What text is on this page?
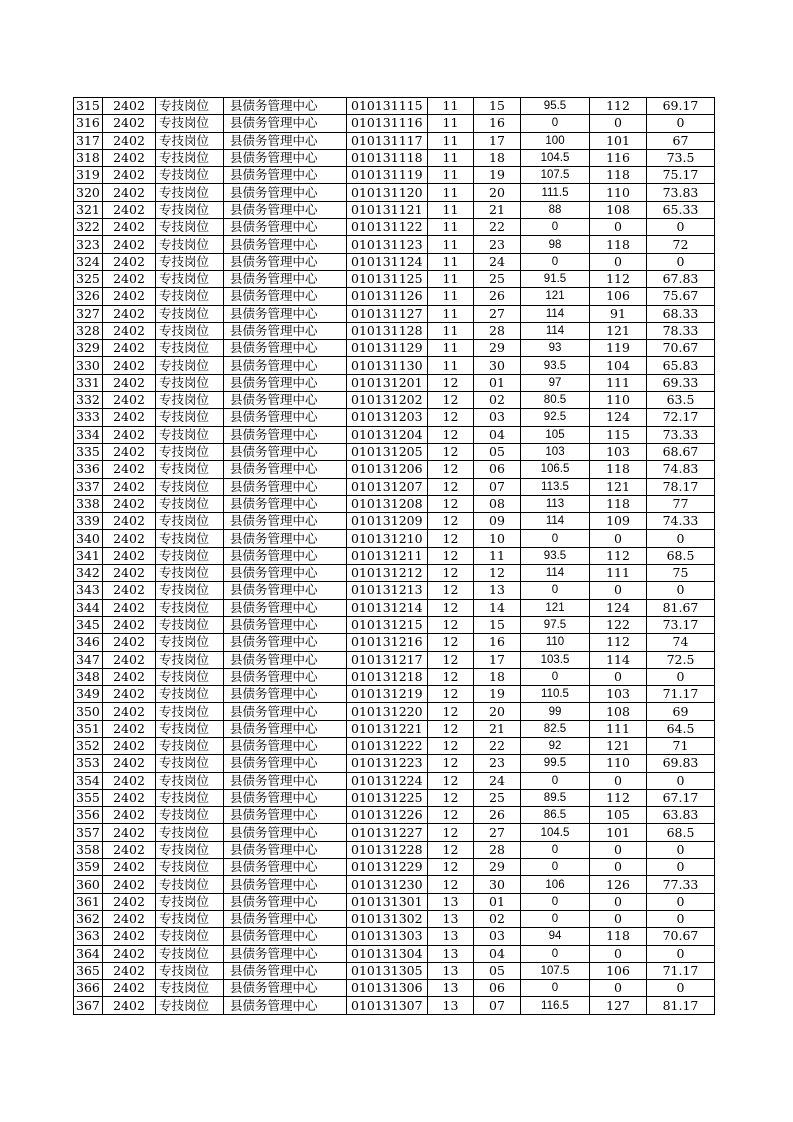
315	2402	专技岗位	县债务管理中心	010131115	11	15	95.5	112	69.17
316	2402	专技岗位	县债务管理中心	010131116	11	16	0	0	0
317	2402	专技岗位	县债务管理中心	010131117	11	17	100	101	67
318	2402	专技岗位	县债务管理中心	010131118	11	18	104.5	116	73.5
319	2402	专技岗位	县债务管理中心	010131119	11	19	107.5	118	75.17
320	2402	专技岗位	县债务管理中心	010131120	11	20	111.5	110	73.83
321	2402	专技岗位	县债务管理中心	010131121	11	21	88	108	65.33
322	2402	专技岗位	县债务管理中心	010131122	11	22	0	0	0
323	2402	专技岗位	县债务管理中心	010131123	11	23	98	118	72
324	2402	专技岗位	县债务管理中心	010131124	11	24	0	0	0
325	2402	专技岗位	县债务管理中心	010131125	11	25	91.5	112	67.83
326	2402	专技岗位	县债务管理中心	010131126	11	26	121	106	75.67
327	2402	专技岗位	县债务管理中心	010131127	11	27	114	91	68.33
328	2402	专技岗位	县债务管理中心	010131128	11	28	114	121	78.33
329	2402	专技岗位	县债务管理中心	010131129	11	29	93	119	70.67
330	2402	专技岗位	县债务管理中心	010131130	11	30	93.5	104	65.83
331	2402	专技岗位	县债务管理中心	010131201	12	01	97	111	69.33
332	2402	专技岗位	县债务管理中心	010131202	12	02	80.5	110	63.5
333	2402	专技岗位	县债务管理中心	010131203	12	03	92.5	124	72.17
334	2402	专技岗位	县债务管理中心	010131204	12	04	105	115	73.33
335	2402	专技岗位	县债务管理中心	010131205	12	05	103	103	68.67
336	2402	专技岗位	县债务管理中心	010131206	12	06	106.5	118	74.83
337	2402	专技岗位	县债务管理中心	010131207	12	07	113.5	121	78.17
338	2402	专技岗位	县债务管理中心	010131208	12	08	113	118	77
339	2402	专技岗位	县债务管理中心	010131209	12	09	114	109	74.33
340	2402	专技岗位	县债务管理中心	010131210	12	10	0	0	0
341	2402	专技岗位	县债务管理中心	010131211	12	11	93.5	112	68.5
342	2402	专技岗位	县债务管理中心	010131212	12	12	114	111	75
343	2402	专技岗位	县债务管理中心	010131213	12	13	0	0	0
344	2402	专技岗位	县债务管理中心	010131214	12	14	121	124	81.67
345	2402	专技岗位	县债务管理中心	010131215	12	15	97.5	122	73.17
346	2402	专技岗位	县债务管理中心	010131216	12	16	110	112	74
347	2402	专技岗位	县债务管理中心	010131217	12	17	103.5	114	72.5
348	2402	专技岗位	县债务管理中心	010131218	12	18	0	0	0
349	2402	专技岗位	县债务管理中心	010131219	12	19	110.5	103	71.17
350	2402	专技岗位	县债务管理中心	010131220	12	20	99	108	69
351	2402	专技岗位	县债务管理中心	010131221	12	21	82.5	111	64.5
352	2402	专技岗位	县债务管理中心	010131222	12	22	92	121	71
353	2402	专技岗位	县债务管理中心	010131223	12	23	99.5	110	69.83
354	2402	专技岗位	县债务管理中心	010131224	12	24	0	0	0
355	2402	专技岗位	县债务管理中心	010131225	12	25	89.5	112	67.17
356	2402	专技岗位	县债务管理中心	010131226	12	26	86.5	105	63.83
357	2402	专技岗位	县债务管理中心	010131227	12	27	104.5	101	68.5
358	2402	专技岗位	县债务管理中心	010131228	12	28	0	0	0
359	2402	专技岗位	县债务管理中心	010131229	12	29	0	0	0
360	2402	专技岗位	县债务管理中心	010131230	12	30	106	126	77.33
361	2402	专技岗位	县债务管理中心	010131301	13	01	0	0	0
362	2402	专技岗位	县债务管理中心	010131302	13	02	0	0	0
363	2402	专技岗位	县债务管理中心	010131303	13	03	94	118	70.67
364	2402	专技岗位	县债务管理中心	010131304	13	04	0	0	0
365	2402	专技岗位	县债务管理中心	010131305	13	05	107.5	106	71.17
366	2402	专技岗位	县债务管理中心	010131306	13	06	0	0	0
367	2402	专技岗位	县债务管理中心	010131307	13	07	116.5	127	81.17
